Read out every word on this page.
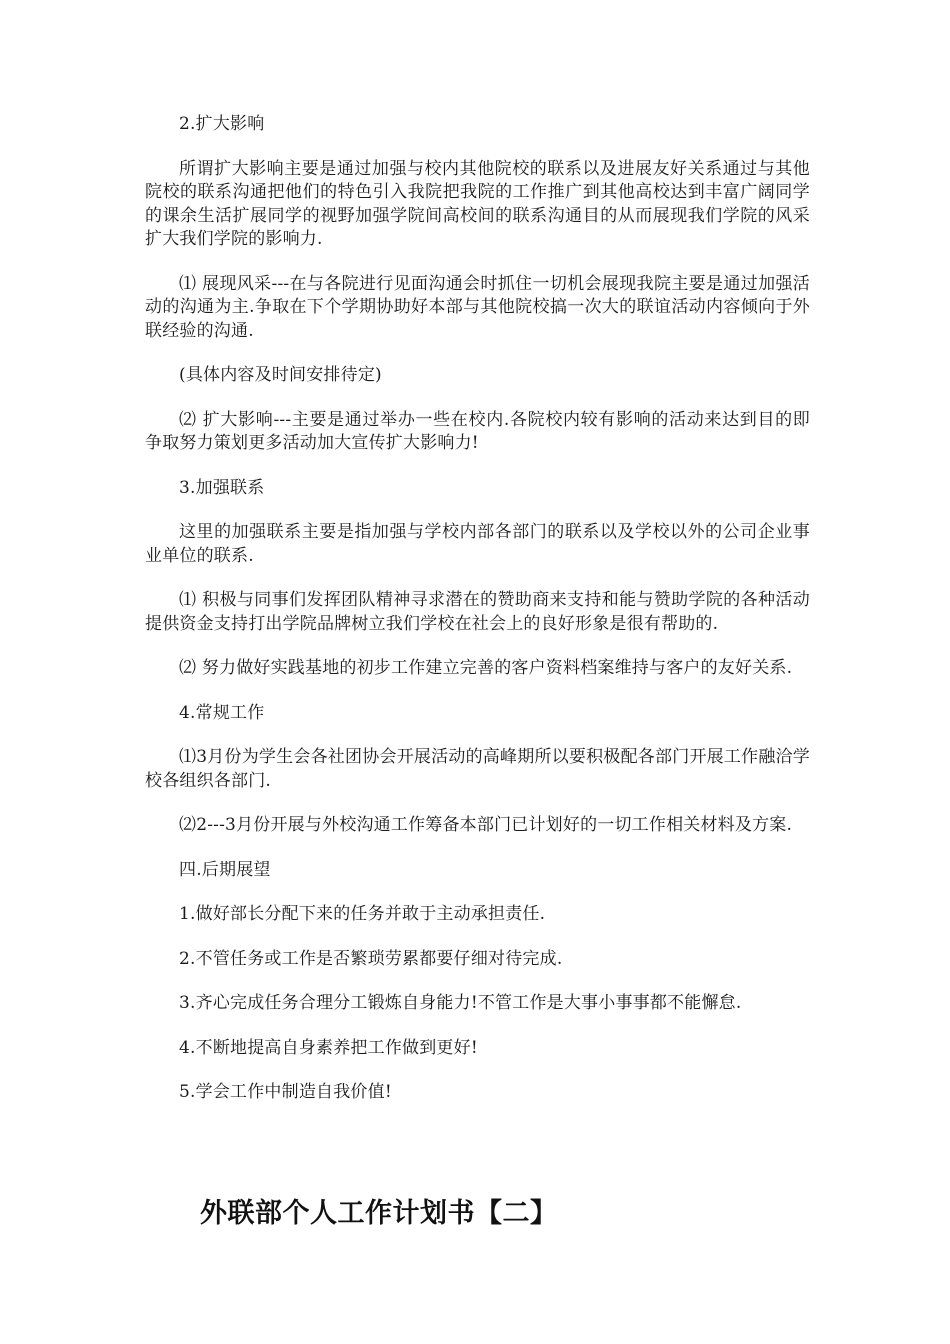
2.扩大影响

所谓扩大影响主要是通过加强与校内其他院校的联系以及进展友好关系通过与其他院校的联系沟通把他们的特色引入我院把我院的工作推广到其他高校达到丰富广阔同学的课余生活扩展同学的视野加强学院间高校间的联系沟通目的从而展现我们学院的风采扩大我们学院的影响力.

⑴ 展现风采---在与各院进行见面沟通会时抓住一切机会展现我院主要是通过加强活动的沟通为主.争取在下个学期协助好本部与其他院校搞一次大的联谊活动内容倾向于外联经验的沟通.

(具体内容及时间安排待定)

⑵ 扩大影响---主要是通过举办一些在校内.各院校内较有影响的活动来达到目的即争取努力策划更多活动加大宣传扩大影响力!

3.加强联系

这里的加强联系主要是指加强与学校内部各部门的联系以及学校以外的公司企业事业单位的联系.

⑴ 积极与同事们发挥团队精神寻求潜在的赞助商来支持和能与赞助学院的各种活动提供资金支持打出学院品牌树立我们学校在社会上的良好形象是很有帮助的.

⑵ 努力做好实践基地的初步工作建立完善的客户资料档案维持与客户的友好关系.

4.常规工作

⑴3月份为学生会各社团协会开展活动的高峰期所以要积极配各部门开展工作融洽学校各组织各部门.

⑵2---3月份开展与外校沟通工作筹备本部门已计划好的一切工作相关材料及方案.

四.后期展望

1.做好部长分配下来的任务并敢于主动承担责任.

2.不管任务或工作是否繁琐劳累都要仔细对待完成.

3.齐心完成任务合理分工锻炼自身能力!不管工作是大事小事事都不能懈怠.

4.不断地提高自身素养把工作做到更好!

5.学会工作中制造自我价值!

外联部个人工作计划书【二】
